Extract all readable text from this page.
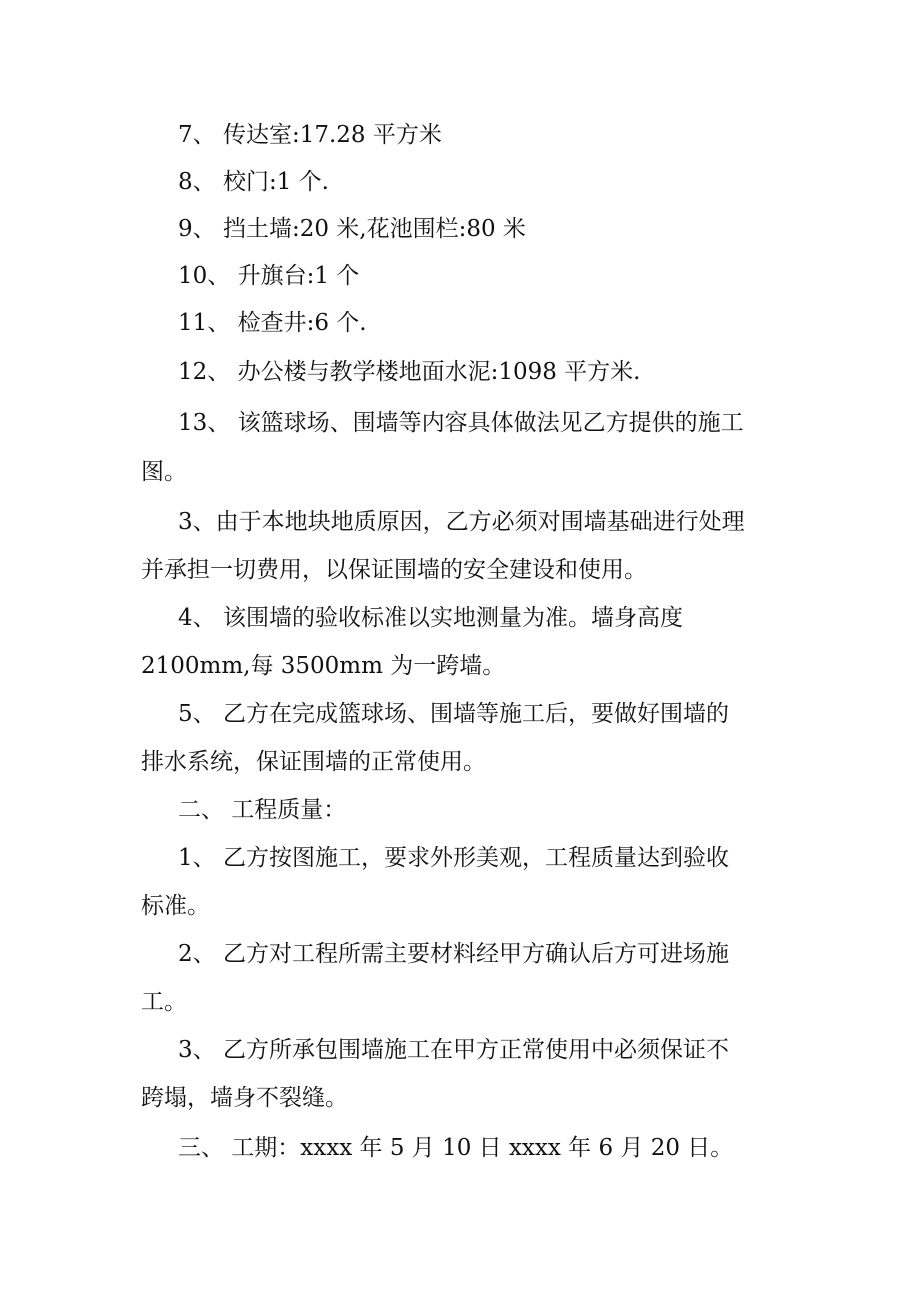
7、 传达室:17.28 平方米
8、 校门:1 个.
9、 挡土墙:20 米,花池围栏:80 米
10、 升旗台:1 个
11、 检查井:6 个.
12、 办公楼与教学楼地面水泥:1098 平方米.
13、 该篮球场、围墙等内容具体做法见乙方提供的施工
图。
3、由于本地块地质原因，乙方必须对围墙基础进行处理
并承担一切费用，以保证围墙的安全建设和使用。
4、 该围墙的验收标准以实地测量为准。墙身高度
2100mm,每 3500mm 为一跨墙。
5、 乙方在完成篮球场、围墙等施工后，要做好围墙的
排水系统，保证围墙的正常使用。
二、 工程质量：
1、 乙方按图施工，要求外形美观，工程质量达到验收
标准。
2、 乙方对工程所需主要材料经甲方确认后方可进场施
工。
3、 乙方所承包围墙施工在甲方正常使用中必须保证不
跨塌，墙身不裂缝。
三、 工期：xxxx 年 5 月 10 日 xxxx 年 6 月 20 日。
